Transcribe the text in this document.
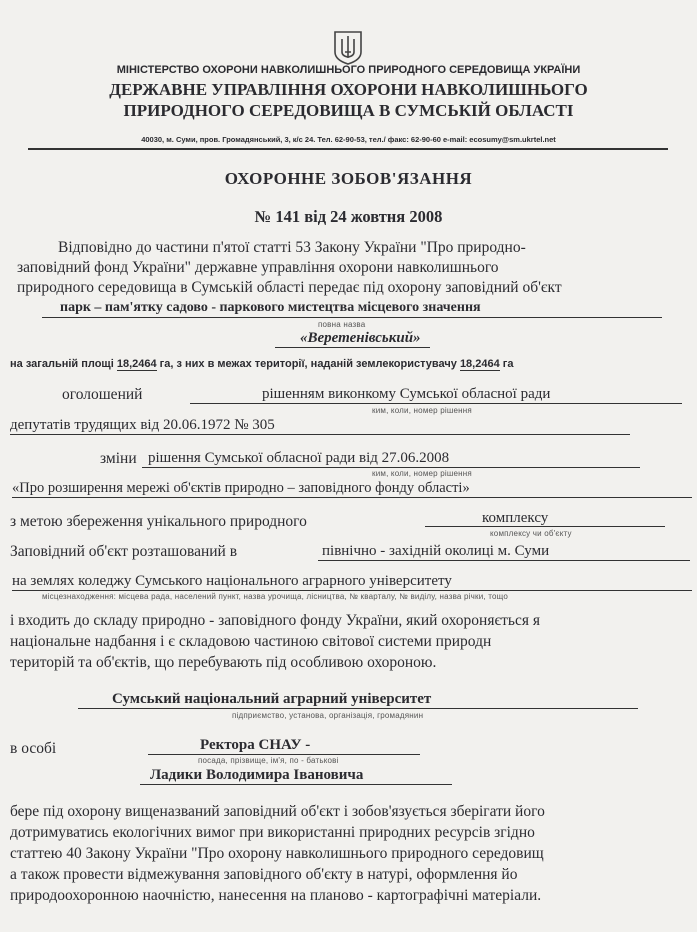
МІНІСТЕРСТВО ОХОРОНИ НАВКОЛИШНЬОГО ПРИРОДНОГО СЕРЕДОВИЩА УКРАЇНИ
ДЕРЖАВНЕ УПРАВЛІННЯ ОХОРОНИ НАВКОЛИШНЬОГО
ПРИРОДНОГО СЕРЕДОВИЩА В СУМСЬКІЙ ОБЛАСТІ
40030, м. Суми, пров. Громадянський, 3, к/с 24. Тел. 62-90-53, тел./ факс: 62-90-60 e-mail: ecosumy@sm.ukrtel.net
ОХОРОННЕ ЗОБОВ'ЯЗАННЯ
№ 141 від 24 жовтня 2008
Відповідно до частини п'ятої статті 53 Закону України "Про природно-
заповідний фонд України" державне управління охорони навколишнього
природного середовища в Сумській області передає під охорону заповідний об'єкт
парк – пам'ятку садово - паркового мистецтва місцевого значення
повна назва
«Веретенівський»
на загальній площі 18,2464 га, з них в межах території, наданій землекористувачу 18,2464 га
оголошений	рішенням виконкому Сумської обласної ради
ким, коли, номер рішення
депутатів трудящих від 20.06.1972 № 305
зміни рішення Сумської обласної ради від 27.06.2008
ким, коли, номер рішення
«Про розширення мережі об'єктів природно – заповідного фонду області»
з метою збереження унікального природного	комплексу
комплексу чи об'єкту
Заповідний об'єкт розташований в	північно - західній околиці м. Суми
на землях коледжу Сумського національного аграрного університету
місцезнаходження: місцева рада, населений пункт, назва урочища, лісництва, № кварталу, № виділу, назва річки, тощо
і входить до складу природно - заповідного фонду України, який охороняється я
національне надбання і є складовою частиною світової системи природн
територій та об'єктів, що перебувають під особливою охороною.
Сумський національний аграрний університет
підприємство, установа, організація, громадянин
в особі	Ректора СНАУ -
посада, прізвище, ім'я, по - батькові
Ладики Володимира Івановича
бере під охорону вищеназваний заповідний об'єкт і зобов'язується зберігати його
дотримуватись екологічних вимог при використанні природних ресурсів згідно
статтею 40 Закону України "Про охорону навколишнього природного середовищ
а також провести відмежування заповідного об'єкту в натурі, оформлення йо
природоохоронною наочністю, нанесення на планово - картографічні матеріали.
